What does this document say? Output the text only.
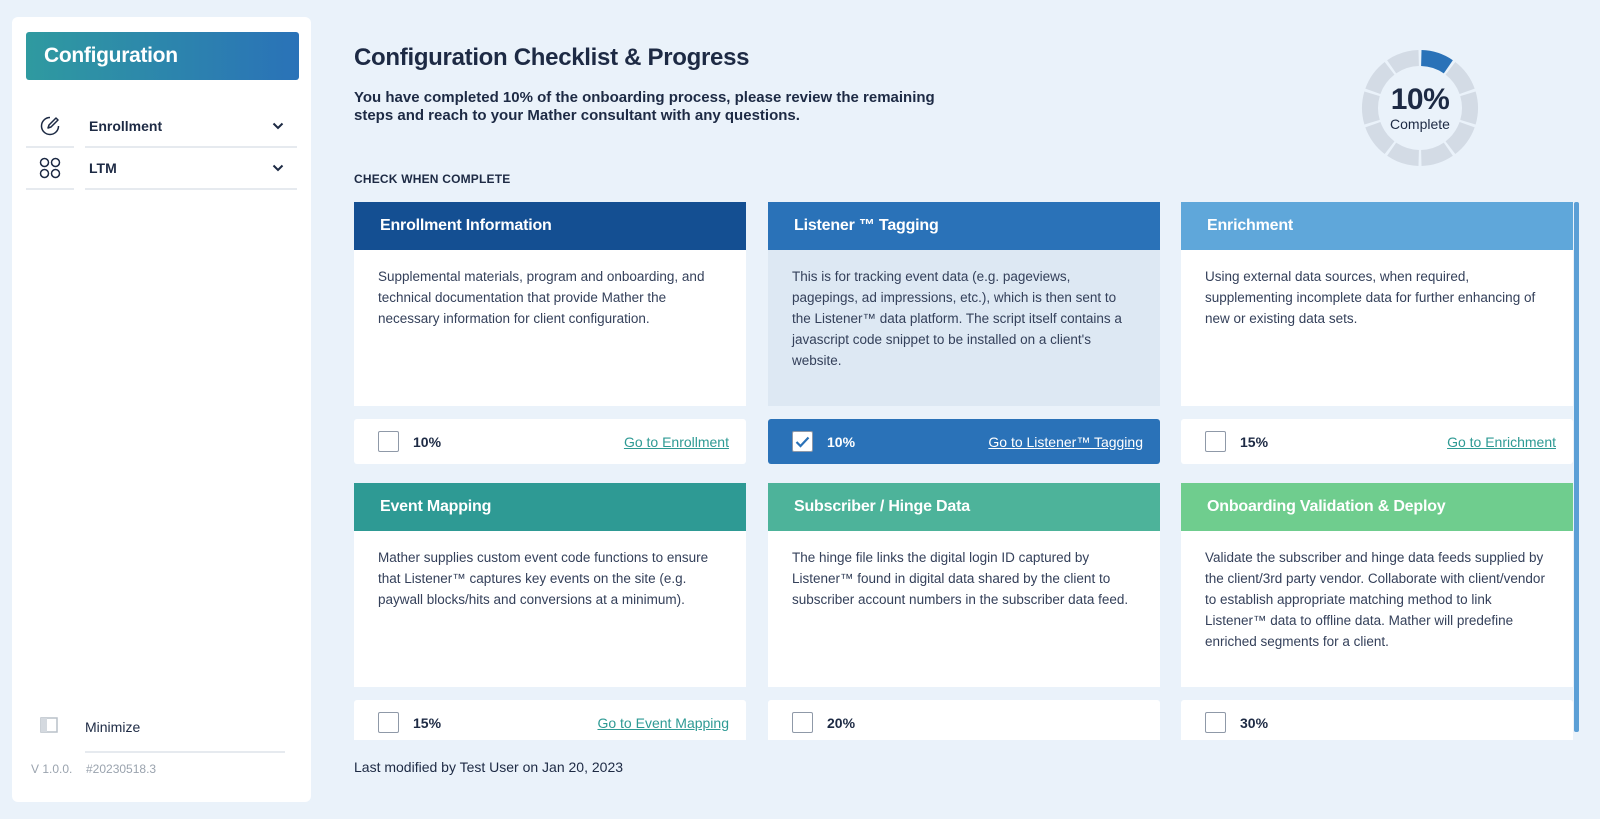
Configuration
Enrollment
LTM
Minimize
V 1.0.0. #20230518.3
Configuration Checklist & Progress
You have completed 10% of the onboarding process, please review the remaining steps and reach to your Mather consultant with any questions.
CHECK WHEN COMPLETE
10%
Complete
Enrollment Information
Supplemental materials, program and onboarding, and technical documentation that provide Mather the necessary information for client configuration.
10%	Go to Enrollment
Listener ™ Tagging
This is for tracking event data (e.g. pageviews, pagepings, ad impressions, etc.), which is then sent to the Listener™ data platform. The script itself contains a javascript code snippet to be installed on a client's website.
10%	Go to Listener™ Tagging
Enrichment
Using external data sources, when required, supplementing incomplete data for further enhancing of new or existing data sets.
15%	Go to Enrichment
Event Mapping
Mather supplies custom event code functions to ensure that Listener™ captures key events on the site (e.g. paywall blocks/hits and conversions at a minimum).
15%	Go to Event Mapping
Subscriber / Hinge Data
The hinge file links the digital login ID captured by Listener™ found in digital data shared by the client to subscriber account numbers in the subscriber data feed.
20%
Onboarding Validation & Deploy
Validate the subscriber and hinge data feeds supplied by the client/3rd party vendor. Collaborate with client/vendor to establish appropriate matching method to link Listener™ data to offline data. Mather will predefine enriched segments for a client.
30%
Last modified by Test User on Jan 20, 2023
